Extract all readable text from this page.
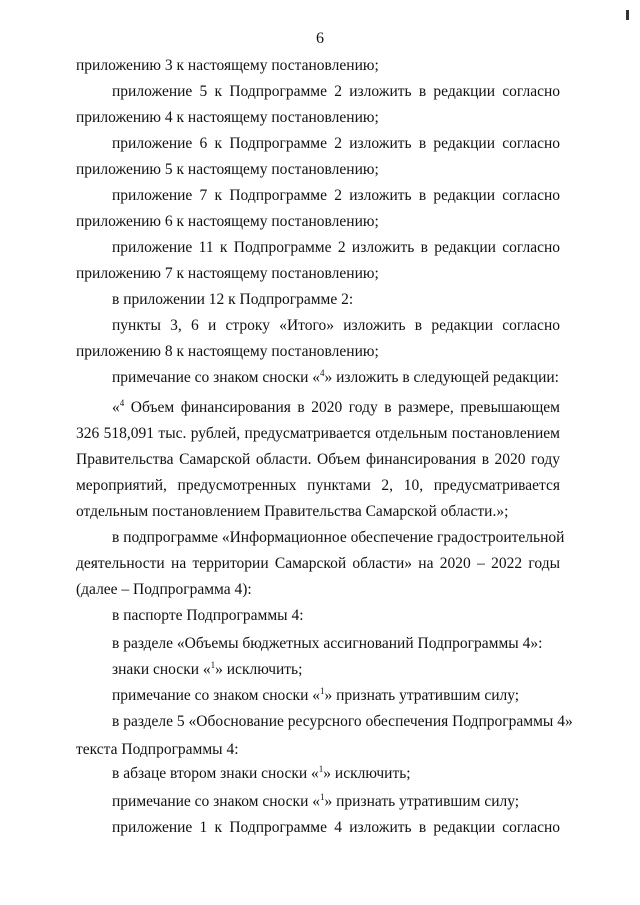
6
приложению 3 к настоящему постановлению;
приложение 5 к Подпрограмме 2 изложить в редакции согласно
приложению 4 к настоящему постановлению;
приложение 6 к Подпрограмме 2 изложить в редакции согласно
приложению 5 к настоящему постановлению;
приложение 7 к Подпрограмме 2 изложить в редакции согласно
приложению 6 к настоящему постановлению;
приложение 11 к Подпрограмме 2 изложить в редакции согласно
приложению 7 к настоящему постановлению;
в приложении 12 к Подпрограмме 2:
пункты 3, 6 и строку «Итого» изложить в редакции согласно
приложению 8 к настоящему постановлению;
примечание со знаком сноски «$^4$» изложить в следующей редакции:
«$^4$ Объем финансирования в 2020 году в размере, превышающем
326 518,091 тыс. рублей, предусматривается отдельным постановлением
Правительства Самарской области. Объем финансирования в 2020 году
мероприятий, предусмотренных пунктами 2, 10, предусматривается
отдельным постановлением Правительства Самарской области.»;
в подпрограмме «Информационное обеспечение градостроительной
деятельности на территории Самарской области» на 2020 – 2022 годы
(далее – Подпрограмма 4):
в паспорте Подпрограммы 4:
в разделе «Объемы бюджетных ассигнований Подпрограммы 4»:
знаки сноски «$^1$» исключить;
примечание со знаком сноски «$^1$» признать утратившим силу;
в разделе 5 «Обоснование ресурсного обеспечения Подпрограммы 4»
текста Подпрограммы 4:
в абзаце втором знаки сноски «$^1$» исключить;
примечание со знаком сноски «$^1$» признать утратившим силу;
приложение 1 к Подпрограмме 4 изложить в редакции согласно
